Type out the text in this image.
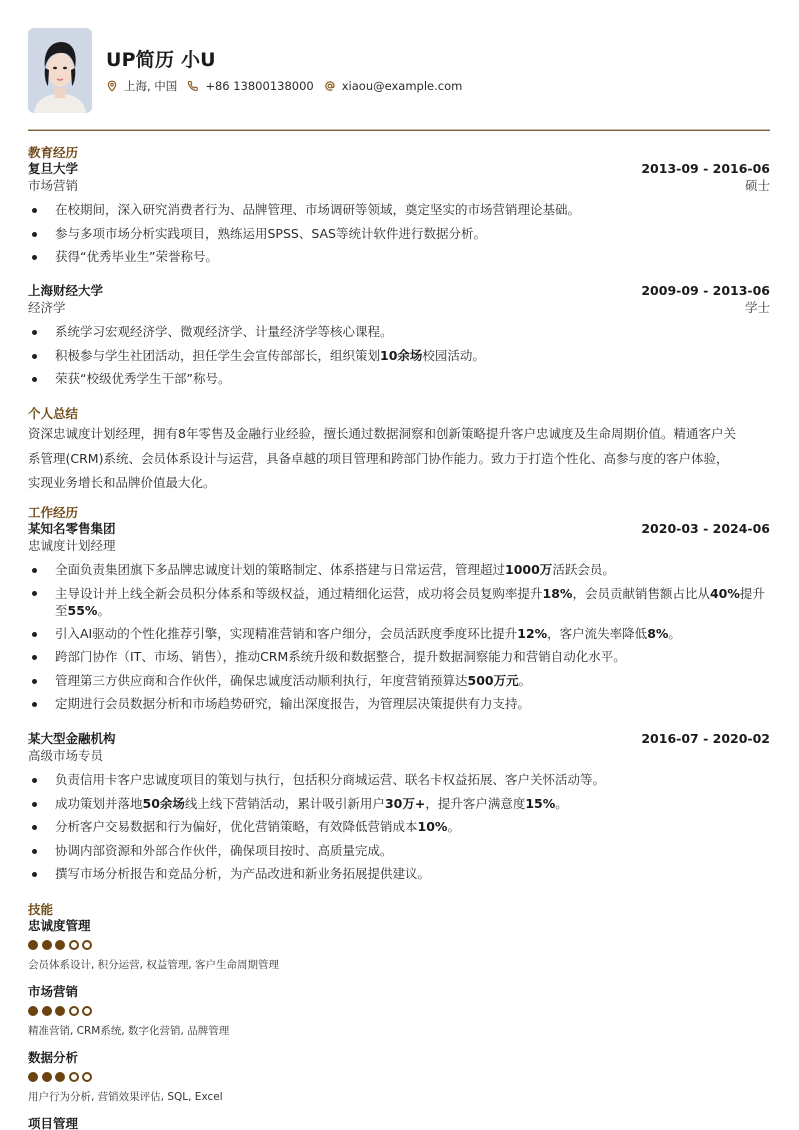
UP简历 小U
上海, 中国 +86 13800138000 xiaou@example.com
教育经历
复旦大学	2013-09 - 2016-06
市场营销	硕士
在校期间，深入研究消费者行为、品牌管理、市场调研等领域，奠定坚实的市场营销理论基础。
参与多项市场分析实践项目，熟练运用SPSS、SAS等统计软件进行数据分析。
获得“优秀毕业生”荣誉称号。
上海财经大学	2009-09 - 2013-06
经济学	学士
系统学习宏观经济学、微观经济学、计量经济学等核心课程。
积极参与学生社团活动，担任学生会宣传部部长，组织策划10余场校园活动。
荣获“校级优秀学生干部”称号。
个人总结
资深忠诚度计划经理，拥有8年零售及金融行业经验，擅长通过数据洞察和创新策略提升客户忠诚度及生命周期价值。精通客户关
系管理(CRM)系统、会员体系设计与运营，具备卓越的项目管理和跨部门协作能力。致力于打造个性化、高参与度的客户体验，
实现业务增长和品牌价值最大化。
工作经历
某知名零售集团	2020-03 - 2024-06
忠诚度计划经理
全面负责集团旗下多品牌忠诚度计划的策略制定、体系搭建与日常运营，管理超过1000万活跃会员。
主导设计并上线全新会员积分体系和等级权益，通过精细化运营，成功将会员复购率提升18%，会员贡献销售额占比从40%提升至55%。
引入AI驱动的个性化推荐引擎，实现精准营销和客户细分，会员活跃度季度环比提升12%，客户流失率降低8%。
跨部门协作（IT、市场、销售），推动CRM系统升级和数据整合，提升数据洞察能力和营销自动化水平。
管理第三方供应商和合作伙伴，确保忠诚度活动顺利执行，年度营销预算达500万元。
定期进行会员数据分析和市场趋势研究，输出深度报告，为管理层决策提供有力支持。
某大型金融机构	2016-07 - 2020-02
高级市场专员
负责信用卡客户忠诚度项目的策划与执行，包括积分商城运营、联名卡权益拓展、客户关怀活动等。
成功策划并落地50余场线上线下营销活动，累计吸引新用户30万+，提升客户满意度15%。
分析客户交易数据和行为偏好，优化营销策略，有效降低营销成本10%。
协调内部资源和外部合作伙伴，确保项目按时、高质量完成。
撰写市场分析报告和竞品分析，为产品改进和新业务拓展提供建议。
技能
忠诚度管理
会员体系设计, 积分运营, 权益管理, 客户生命周期管理
市场营销
精准营销, CRM系统, 数字化营销, 品牌管理
数据分析
用户行为分析, 营销效果评估, SQL, Excel
项目管理
